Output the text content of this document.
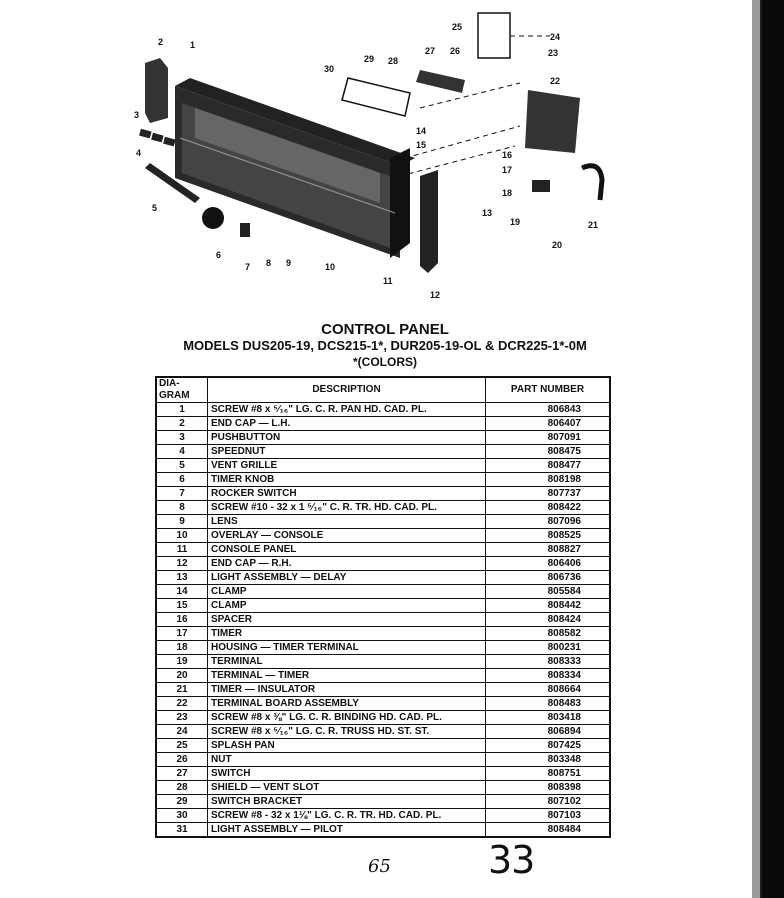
2	1
3
4
5
6
7 8 9	10
11
12
13
14
15
16
17
18
19
20
21
22
23
24
25
26
27
28
29
30
CONTROL PANEL
MODELS DUS205-19, DCS215-1*, DUR205-19-OL & DCR225-1*-0M
*(COLORS)
DIA-
GRAM	DESCRIPTION	PART NUMBER
1	SCREW #8 x ⁵⁄₁₆" LG. C. R. PAN HD. CAD. PL.	806843
2	END CAP — L.H.	806407
3	PUSHBUTTON	807091
4	SPEEDNUT	808475
5	VENT GRILLE	808477
6	TIMER KNOB	808198
7	ROCKER SWITCH	807737
8	SCREW #10 - 32 x 1 ⁵⁄₁₆" C. R. TR. HD. CAD. PL.	808422
9	LENS	807096
10	OVERLAY — CONSOLE	808525
11	CONSOLE PANEL	808827
12	END CAP — R.H.	806406
13	LIGHT ASSEMBLY — DELAY	806736
14	CLAMP	805584
15	CLAMP	808442
16	SPACER	808424
17	TIMER	808582
18	HOUSING — TIMER TERMINAL	800231
19	TERMINAL	808333
20	TERMINAL — TIMER	808334
21	TIMER — INSULATOR	808664
22	TERMINAL BOARD ASSEMBLY	808483
23	SCREW #8 x ⅜" LG. C. R. BINDING HD. CAD. PL.	803418
24	SCREW #8 x ⁵⁄₁₆" LG. C. R. TRUSS HD. ST. ST.	806894
25	SPLASH PAN	807425
26	NUT	803348
27	SWITCH	808751
28	SHIELD — VENT SLOT	808398
29	SWITCH BRACKET	807102
30	SCREW #8 - 32 x 1⅛" LG. C. R. TR. HD. CAD. PL.	807103
31	LIGHT ASSEMBLY — PILOT	808484
65	33
